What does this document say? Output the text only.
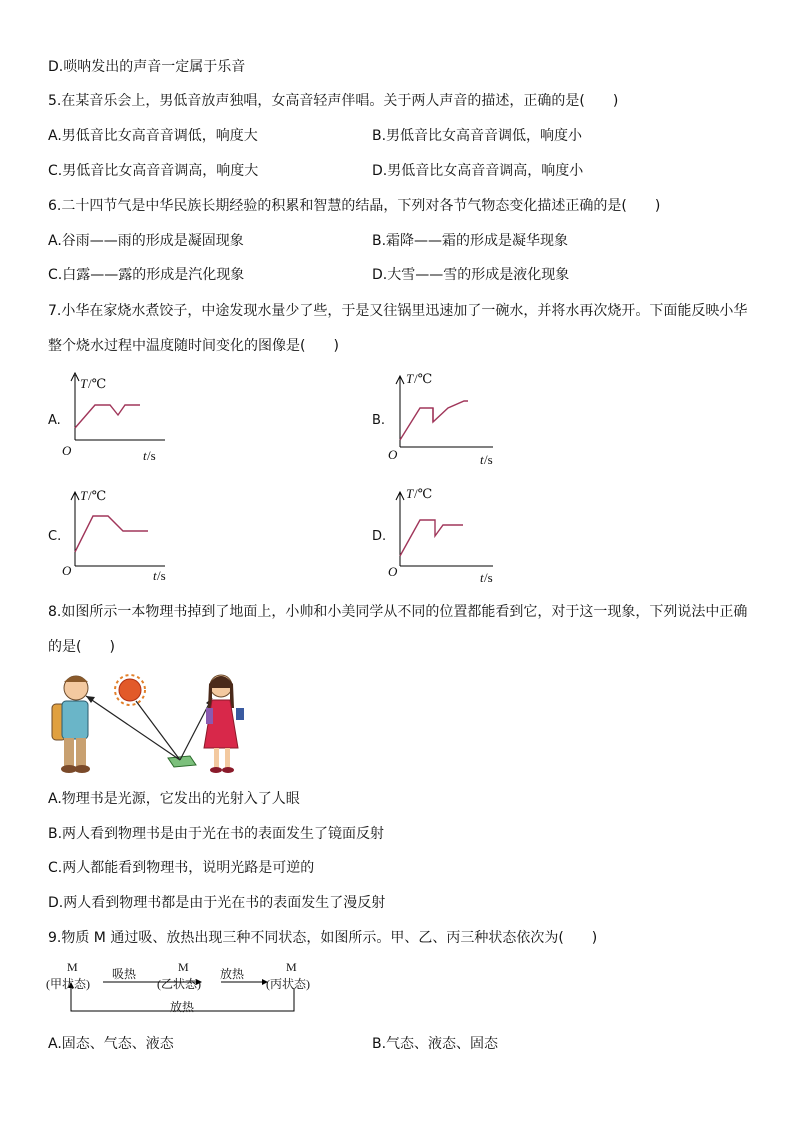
D.唢呐发出的声音一定属于乐音
5.在某音乐会上，男低音放声独唱，女高音轻声伴唱。关于两人声音的描述，正确的是(　　)
A.男低音比女高音音调低，响度大	B.男低音比女高音音调低，响度小
C.男低音比女高音音调高，响度大	D.男低音比女高音音调高，响度小
6.二十四节气是中华民族长期经验的积累和智慧的结晶，下列对各节气物态变化描述正确的是(　　)
A.谷雨——雨的形成是凝固现象	B.霜降——霜的形成是凝华现象
C.白露——露的形成是汽化现象	D.大雪——雪的形成是液化现象
7.小华在家烧水煮饺子，中途发现水量少了些，于是又往锅里迅速加了一碗水，并将水再次烧开。下面能反映小华
整个烧水过程中温度随时间变化的图像是(　　)
A.
T /℃
O	t /s
B.
T /℃
O	t /s
C.
T /℃
O	t /s
D.
T /℃
O	t /s
8.如图所示一本物理书掉到了地面上，小帅和小美同学从不同的位置都能看到它，对于这一现象，下列说法中正确
的是(　　)
A.物理书是光源，它发出的光射入了人眼
B.两人看到物理书是由于光在书的表面发生了镜面反射
C.两人都能看到物理书，说明光路是可逆的
D.两人看到物理书都是由于光在书的表面发生了漫反射
9.物质 M 通过吸、放热出现三种不同状态，如图所示。甲、乙、丙三种状态依次为(　　)
M
(甲状态)
M
(乙状态)
M
(丙状态)
吸热	放热
放热
A.固态、气态、液态	B.气态、液态、固态
